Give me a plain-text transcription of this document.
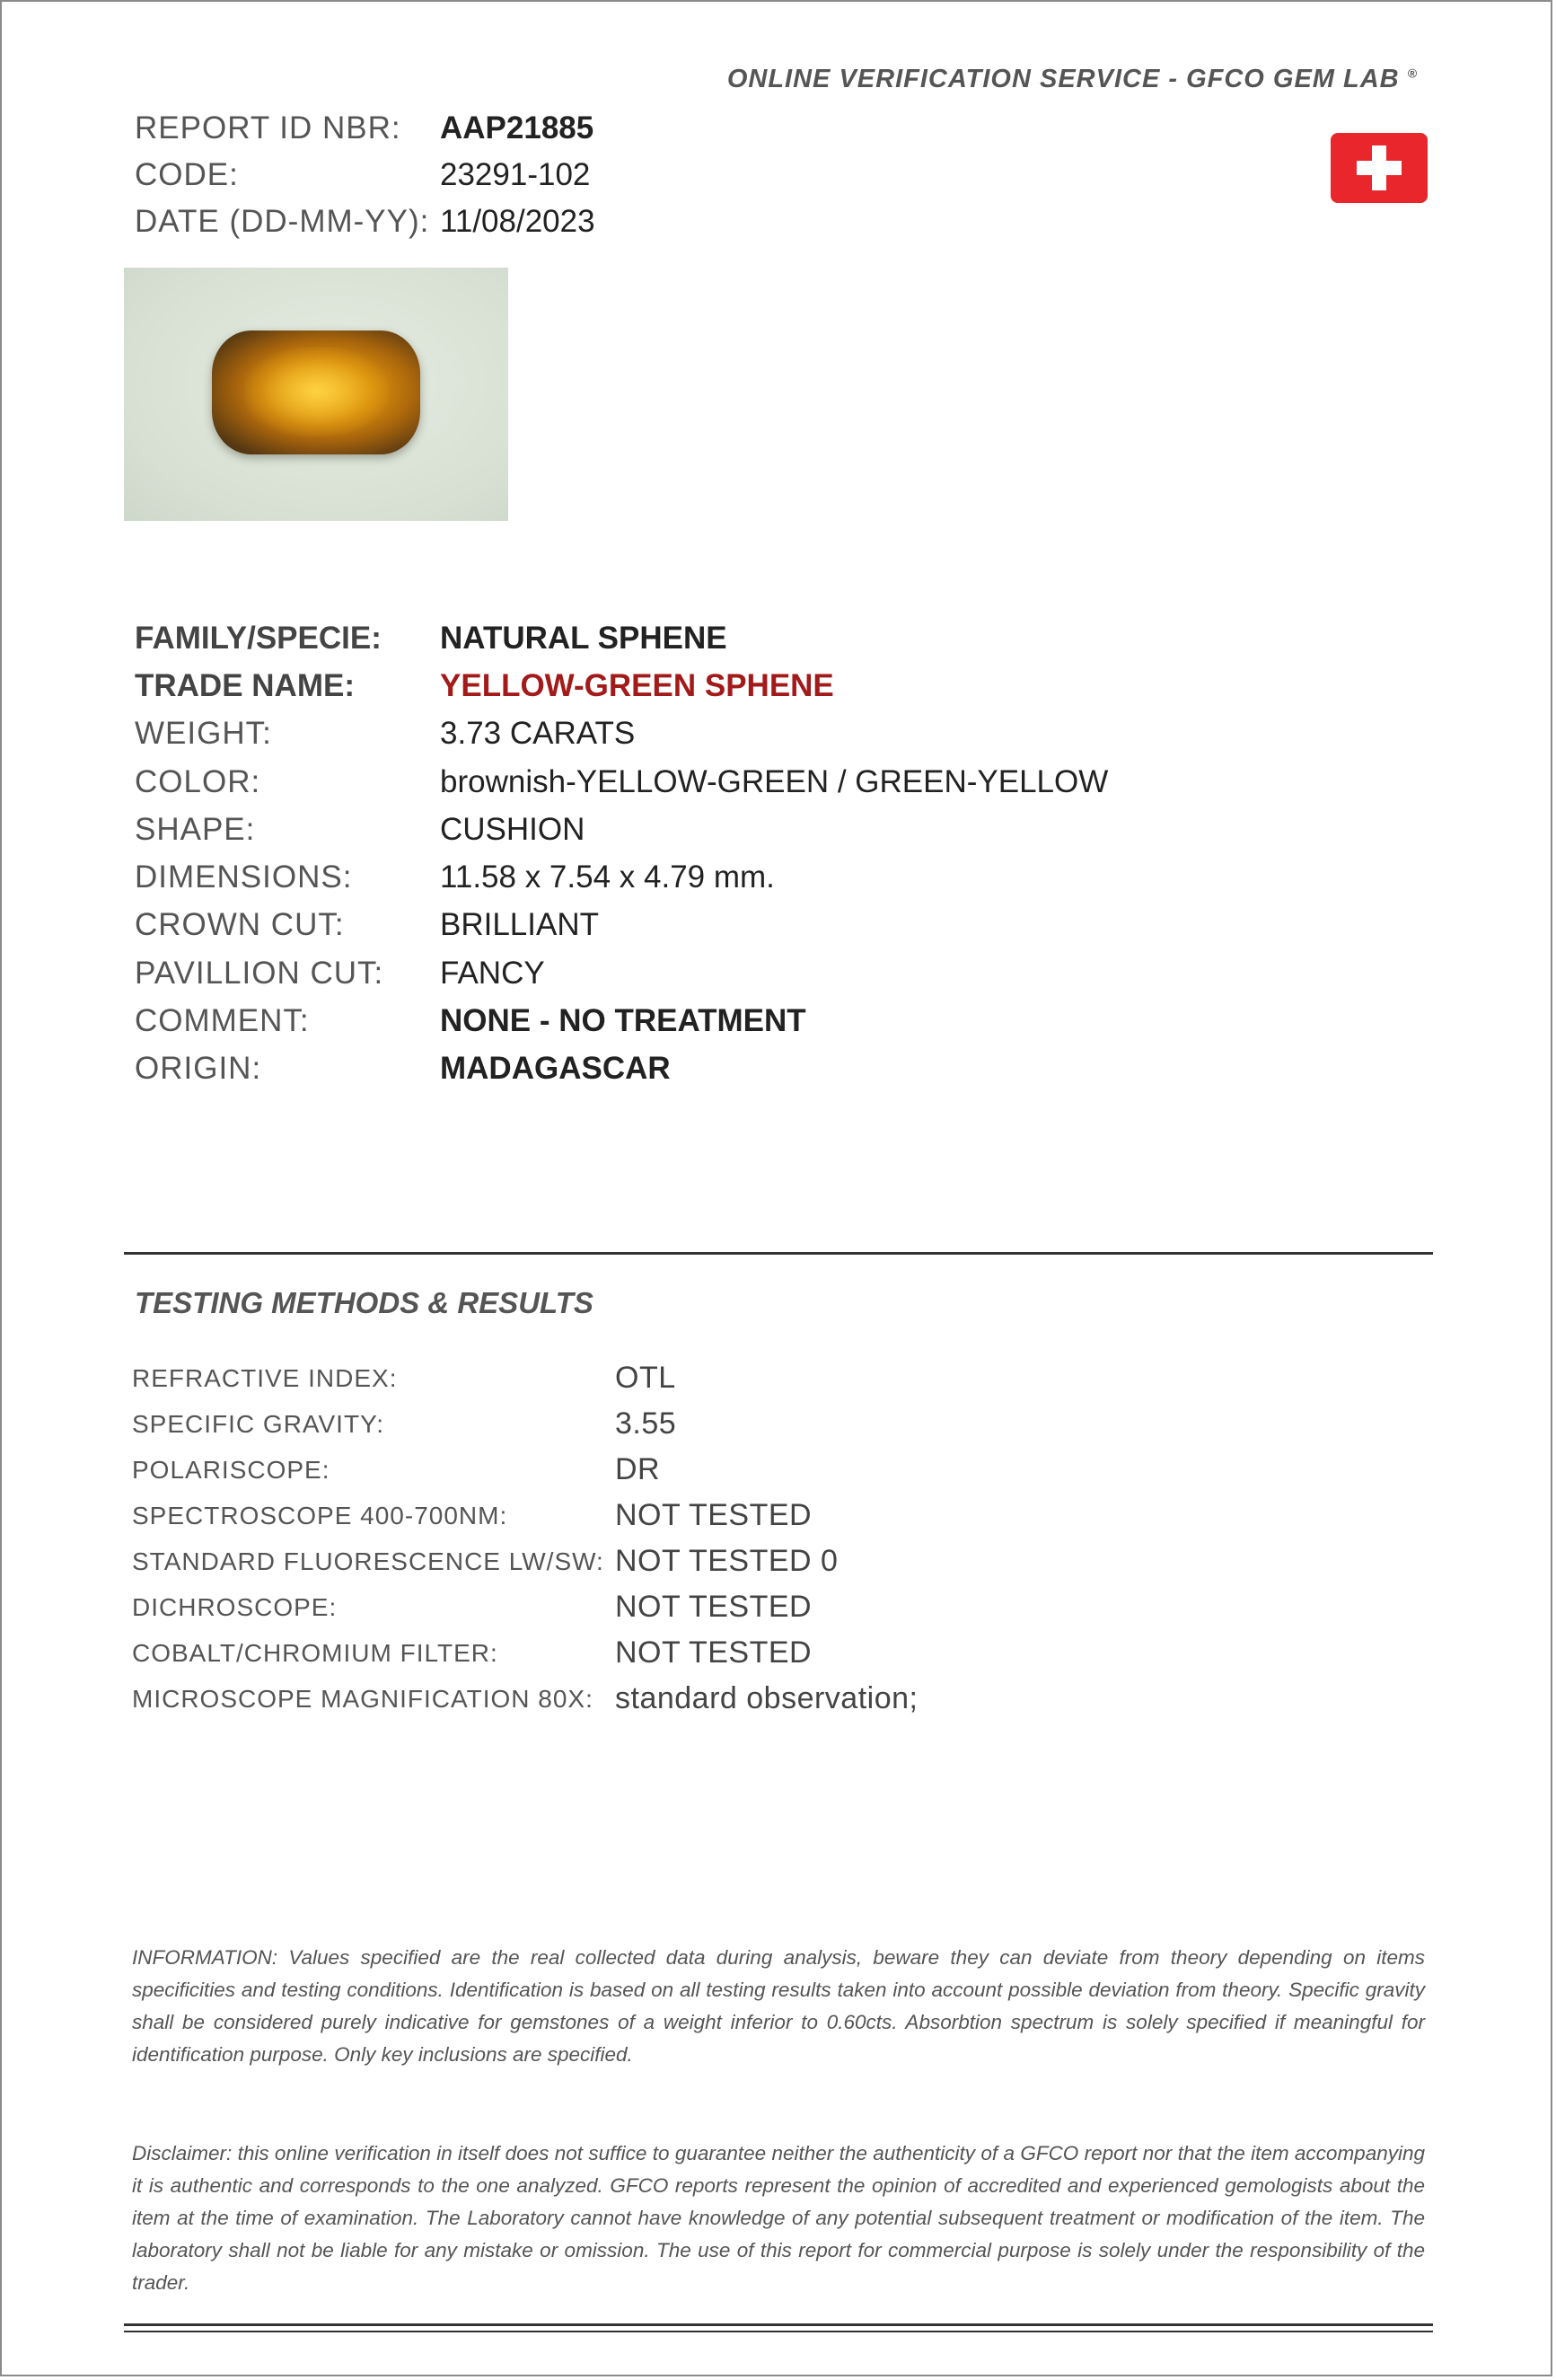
ONLINE VERIFICATION SERVICE - GFCO GEM LAB ®
REPORT ID NBR:	AAP21885
CODE:	23291-102
DATE (DD-MM-YY): 11/08/2023
FAMILY/SPECIE:	NATURAL SPHENE
TRADE NAME:	YELLOW-GREEN SPHENE
WEIGHT:	3.73 CARATS
COLOR:	brownish-YELLOW-GREEN / GREEN-YELLOW
SHAPE:	CUSHION
DIMENSIONS:	11.58 x 7.54 x 4.79 mm.
CROWN CUT:	BRILLIANT
PAVILLION CUT:	FANCY
COMMENT:	NONE - NO TREATMENT
ORIGIN:	MADAGASCAR
TESTING METHODS & RESULTS
REFRACTIVE INDEX:	OTL
SPECIFIC GRAVITY:	3.55
POLARISCOPE:	DR
SPECTROSCOPE 400-700NM:	NOT TESTED
STANDARD FLUORESCENCE LW/SW: NOT TESTED 0
DICHROSCOPE:	NOT TESTED
COBALT/CHROMIUM FILTER:	NOT TESTED
MICROSCOPE MAGNIFICATION 80X: standard observation;
INFORMATION: Values specified are the real collected data during analysis, beware they can deviate from theory depending on items specificities and testing conditions. Identification is based on all testing results taken into account possible deviation from theory. Specific gravity shall be considered purely indicative for gemstones of a weight inferior to 0.60cts. Absorbtion spectrum is solely specified if meaningful for identification purpose. Only key inclusions are specified.
Disclaimer: this online verification in itself does not suffice to guarantee neither the authenticity of a GFCO report nor that the item accompanying it is authentic and corresponds to the one analyzed. GFCO reports represent the opinion of accredited and experienced gemologists about the item at the time of examination. The Laboratory cannot have knowledge of any potential subsequent treatment or modification of the item. The laboratory shall not be liable for any mistake or omission. The use of this report for commercial purpose is solely under the responsibility of the trader.
